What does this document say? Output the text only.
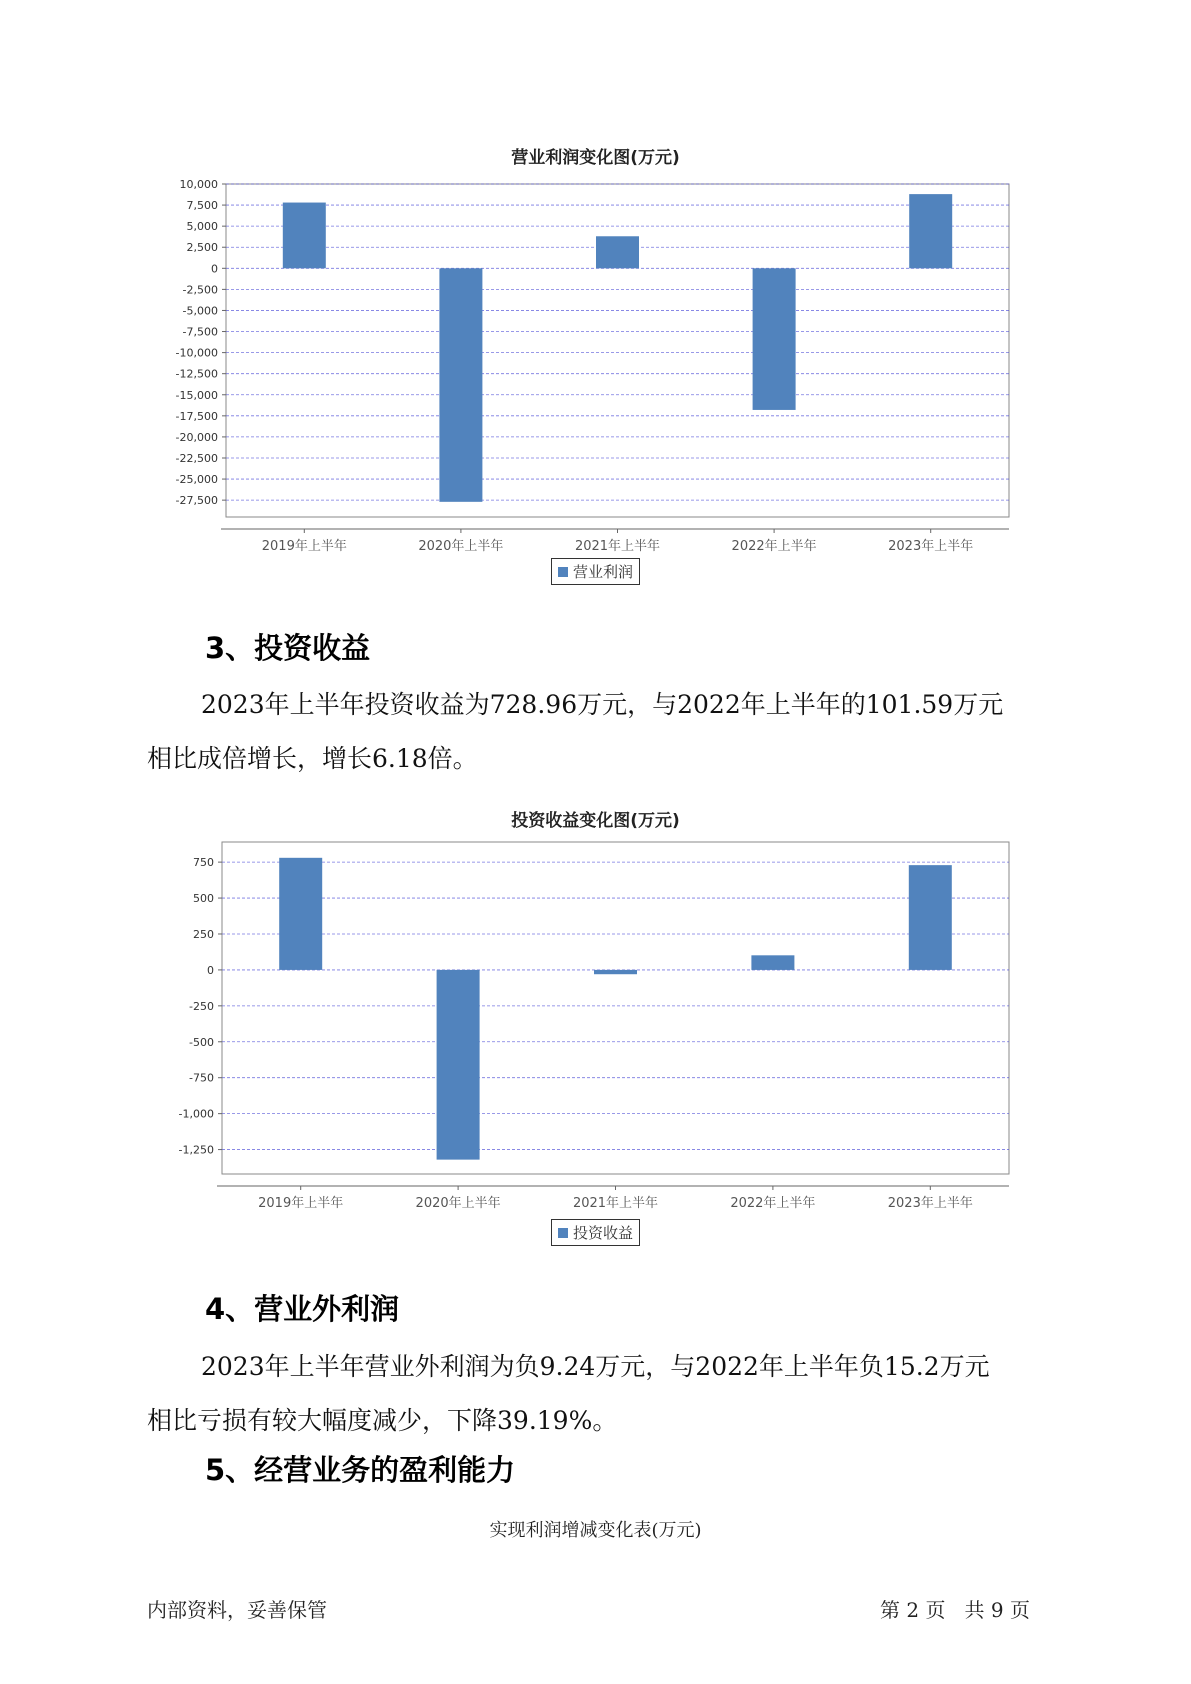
营业利润变化图(万元)
10,000
7,500
5,000
2,500
0
-2,500
-5,000
-7,500
-10,000
-12,500
-15,000
-17,500
-20,000
-22,500
-25,000
-27,500
2019年上半年	2020年上半年	2021年上半年	2022年上半年	2023年上半年
营业利润
3、投资收益
2023年上半年投资收益为728.96万元，与2022年上半年的101.59万元
相比成倍增长，增长6.18倍。
投资收益变化图(万元)
750
500
250
0
-250
-500
-750
-1,000
-1,250
2019年上半年	2020年上半年	2021年上半年	2022年上半年	2023年上半年
投资收益
4、营业外利润
2023年上半年营业外利润为负9.24万元，与2022年上半年负15.2万元
相比亏损有较大幅度减少，下降39.19%。
5、经营业务的盈利能力
实现利润增减变化表(万元)
内部资料，妥善保管	第 2 页   共 9 页
